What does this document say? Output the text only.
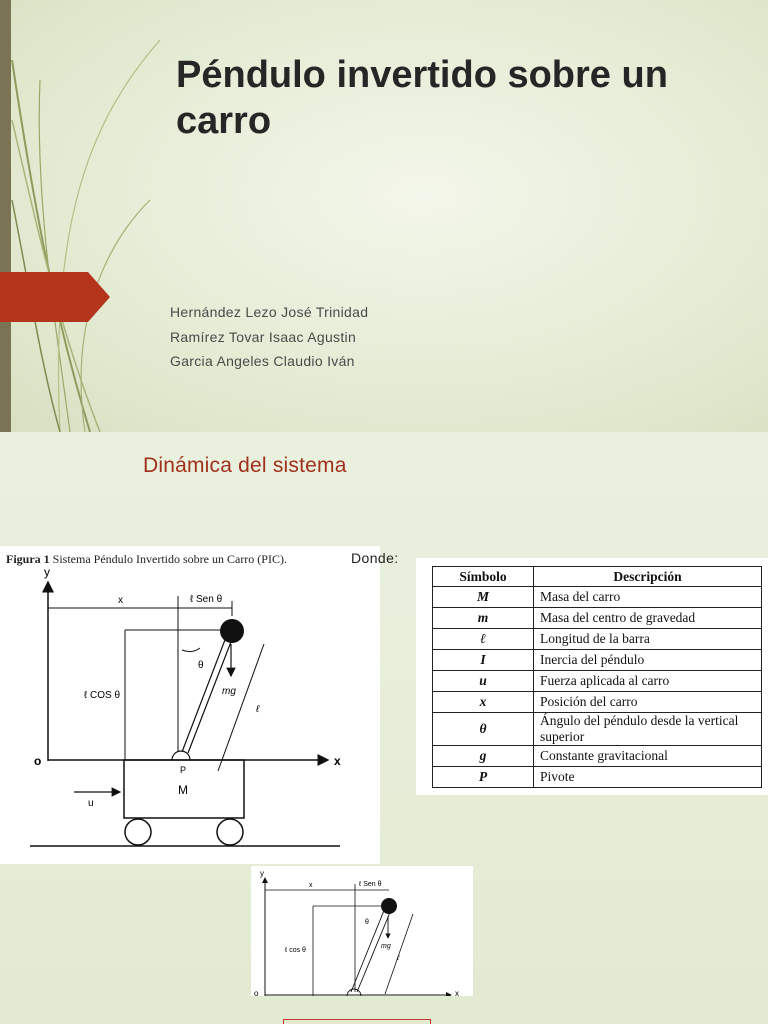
Péndulo invertido sobre un carro
Hernández Lezo José Trinidad
Ramírez Tovar Isaac Agustin
Garcia Angeles Claudio Iván
Dinámica del sistema
Figura 1 Sistema Péndulo Invertido sobre un Carro (PIC).
y
x
o
x	ℓ Sen θ
ℓ COS θ
θ
mg
ℓ
P
M
u
Donde:
Símbolo	Descripción
M	Masa del carro
m	Masa del centro de gravedad
ℓ	Longitud de la barra
I	Inercia del péndulo
u	Fuerza aplicada al carro
x	Posición del carro
θ	Ángulo del péndulo desde la vertical superior
g	Constante gravitacional
P	Pivote
y
x	ℓ Sen θ
ℓ cos θ
θ
mg
ℓ
o	x
